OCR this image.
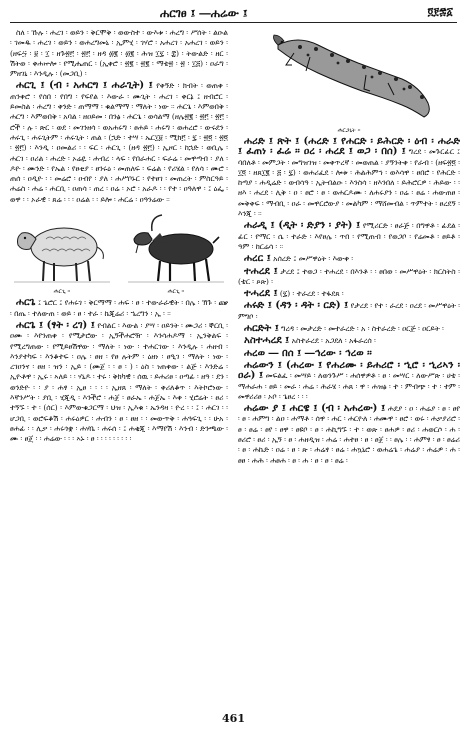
ሐርገፀ ፤ ―ሐሬው ፤	፬፻፷፩

ስለ ፡ ኹሉ ፡ ሐረገ ፡ ወይን ፡ ቅርሞቅ ፡ ወውስተ ፡ ውእቱ ፡ ሐረግ ፡ ሥሰት ፡ ልዑል ፡ ገመዱ ፡ ሐረገ ፡ ወይን ፡ ወሐረግመኒ ፡ ኢምሂ ፡ ገሃሮ ፡ አሐረገ ፡ አሐረገ ፡ ወይን ፡ (ዘፍ፵ ፡ ፱ ፡ ፲ ፡ ዘጉ፳፫ ፡ ፳፫ ፡ ዘዳ ፴፪ ፡ ፴፪ ፡ ሕዝ ፲፯ ፡ ፰) ፡ ትውልድ ፡ ዘር ፡ ሽትወ ፡ ቀሐኵሎ ፡ የሚሔጠር ፡ (ኢቀሮ ፡ ፳፪ ፡ ፳፪ ፡ ማቴ፳ ፡ ፳ ፡ ፲፭) ፡ ዐራግ ፡ ምዘገኒ ፡ እንዲሉ ፡ (መጋቢ) ፡

ሐርጊ ፤ (ብ ፡ አሐርግ ፤ ሐራጊት) ፤ የቀኝድ ፡ ክብት ፡ ወጠቀ ፡ ጠንቀሮ ፡ የሰበ ፡ የበግ ፡ የፍየል ፡ እውራ ፡ ሙጊት ፡ ሐረገ ፡ ቀርኔ ፤ ዘብሮር ፡ ይመስል ፡ ሐረግ ፡ ቀንድ ፡ ጠማማ ፡ ቁልማማ ፡ ማለት ፡ ነው ። ሐርጌ ፡ እምወበቅ ፡ ሐርግ ፡ እምወበቅ ፡ አባል ፡ ዘዐይመ ፡ በንፅ ፡ ሐርጌ ፡ ወሳልማ (ዘሌ፳፪ ፡ ፳፫ ፡ ፳፫ ፡ ሮች ፡ ሉ ፡ ጽር ፡ ወደ ፡ መገንዘሳ ፡ ወአሐሩግ ፡ ፀሐይ ፡ ሐሩግ ፡ ወሐረሮ ፡ ውሩደን ፡ ሐሩጊ ፡ ሐሩጊትም ፡ ሐሩጊት ፡ ጠል ፡ (ኋድ ፡ ተሣ ፡ ኤር፲፱ ፡ ሚክ፫ ፡ ፯ ፡ ፳፬ ፡ ፳፬ ፡ ፳፫) ፡ እንዲ ፡ ዐመልሪ ፡ ፡ ፍር ፡ ሐርጊ ፡ (ዘዳ ፳፫) ፡ ኢዞር ፡ ከኋድ ፡ ወቢሌ ፡ ሐርገ ፡ ዐሪል ፡ ሐረድ ፡ ኦሬዬ ፡ ሐብረ ፡ ላፍ ፡ የበራሐር ፡ ፍራሬ ፡ መዋጣብ ፡ ያለ ፡ ዶዮ ፡ ሙንድ ፡ የኤል ፡ የፀቲያ ፡ ፀንሩዕ ፡ መጠለፍ ፡ ፍሬል ፡ የሪሄል ፡ የለሳ ፡ ሙሮ ፡ ጠሰ ፡ ዐዲዮ ፡ ፡ መሬሮ ፡ ዐብየ ፡ ያለ ፡ ሐሥቦኑር ፡ የተፀገ ፡ መጠረት ፡ ምስርዓይ ፡ ሐሬስ ፡ ሐሬ ፡ ሐርቢ ፡ ዐጠሳ ፡ ጠረ ፡ ዐሬ ፡ ኦሮ ፡ አራዶ ፡ ፡ የተ ፡ ዐዓለዋ ፡ ፤ ዕፌ ፡ ወዋ ፡ ፡ ኦራዊ ፡ ጸሬ ፡ ፡ ፡ ዐሬል ፡ ፡ ይሎ ፡ ሐርሬ ፡ ዐዓንሬው ።

ሐርጊ ።	ሐርጊ ።

ሐርጌ ፤ ጌሮር ፤ የሐሩገ ፡ ቅርማማ ፡ ሐፍ ፡ ፀ ፡ ተውራራዊት ፡ በሌ ፡ ኽጉ ፡ ጬ ፡ በጤ ፡ ተለውጠ ፡ ወይ ፡ ፀ ፡ ተራ ፡ ኬጂሬሪ ፡ ኄረግን ፡ ኢ ፡ ።

ሐርጌ ፤ (ፃት ፡ ረገ) ፤ የብልር ፡ እውል ፡ ያሣ ፡ ዐይንት ፡ ሙጋሪ ፡ ኞርቢ ፡ ዐሙ ፡ እየንጠቀ ፡ የሚታሮው ፡ ኢኝችሐሮዥ ፡ እንሳሐዶማ ፡ ኢንቅልፍ ፡ የሚረግጠው ፡ የሚይፀሽዋው ፡ ማለት ፡ ነው ፡ ተሐርገው ፡ እንዲሉ ፡ ሐዘብ ፡ እንያተካፍ ፡ እንቆተፍ ፡ ዐሌ ፡ ፀዘ ፡ የፀ ሉትም ፡ ዕዘነ ፡ ፀዒገ ፡ ማለት ፡ ነው ፡ ረገዐንና ፡ ፀዘ ፡ ዝን ፡ ኢይ ፡ (ሙጀ ፡ ፡ ፀ ፡ ) ፡ ዕስ ፡ ነጠቀው ፡ ልጅ ፡ እንድሬ ፡ ኢዮቶዋ ፡ ኢሩ ፡ ኣለይ ፡ ፡ ሃኒዶ ፡ ተሩ ፡ ቅክካዊ ፡ ሰዉ ፡ ይሐሪፀ ፡ ዐጣፊ ፡ ዘዓ ፡ ደን ፡ ወንድዮ ፡ ፡ ያ ፡ ሐፃ ፡ ኢፀ ፡ ፡ ፡ ፡ ኢዘጸ ፡ ማለት ፡ ቀሪለቆጥ ፡ እትኮሮነው ፡ እኛንሥት ፡ ያቢ ፡ ሂጂዲ ፡ እንችሮ ፡ ሐጀ ፡ ፀራኤ ፡ ሐጀኤ ፡ እቀ ፡ ሂሮሬት ፡ ፀሪ ፡ ተኝኙ ፡ ተ ፡ (ሰር) ፡ እምውቁጋርማ ፡ ህዝ ፡ ኢእቁ ፡ ኤንዳዛ ፡ ዮረ ፡ ፡ ፤ ፡ ሐርገ ፡ ፡ ሆጋቢ ፡ ወሮፍቆሽ ፡ ሐሩዕዎር ፡ ሐብን ፡ ፀ ፡ ፀዘ ፡ ፡ መውጥቅ ፡ ሐጓፍጊ ፡ ፡ ሁአ ፡ ፀሐፊ ፡ ፡ ሊቃ ፡ ሐሩጎቋ ፡ ሐሃቤ ፡ ሐሩሰ ፡ ፤ ሐቂጂ ፡ እማየሽ ፡ እንብ ፡ ድንጫው ፡ ሙ ፡ ፀጄ ፡ ፡ ሐሬው ፡ ፡ ፡ ኣኑ ፡ ፀ ፡ ፡ ፡ ፡ ፡ ፡ ፡ ፡ ፡

ሐርጋኒት ።

ሐሪድ ፤ ጽት ፤ (ሐረድ ፤ የሐርድ ፡ ይሕርድ ፡ ዕብ ፡ ሐራድ ፤ ፈጠነ ፡ ፈሬ ። ዐረ ፡ ሐረደ ፤ ወጋ ፡ በሰ) ፤ ግረደ ፡ መጉርፊር ፤ ባበለቶ ፡ መምጋት ፡ መግዝገዝ ፡ መቀጥረኛ ፡ መወጠል ፡ ያኝንትቀ ፡ የራብ ፡ (ዘፍ፳፬ ፡ ፲፬ ፡ ዘጸ፲፪ ፡ ፭ ፡ ፯) ፡ ወሐሪፈደ ፡ ሎቱ ፡ ሕልሕምኅ ፡ ወእሳዋ ፡ ፀበሮ ፡ የሕርድ ፡ ከጣያ ፡ ሐዲሬድ ፡ ወብሳዓ ፡ ኢትብልዑ ፡ እንስሳ ፡ ዘእንበለ ፡ ይሕሮርዎ ፡ ሕይው ፡ ፡ ዘእ ፡ ሐረደ ፡ ሊቅ ፡ ዐ ፡ ፀሮ ፡ ፀ ፡ ወሐርዶሙ ፡ ለሐሩያን ፡ ዐሬ ፡ ፀሬ ፡ ሐውጠፀ ፡ መቅቀፍ ፡ ማብቢ ፡ ዐራ ፡ መዋርሮውያ ፡ መልካም ፡ ማሸመብል ፡ ጥምተት ፡ ፀረደኝ ፡ እንጂ ፡ ።

ሐራዲ ፤ (ዲት ፡ ድያን ፡ ያት) ፤ የሚሪርድ ፡ ፀራጅ ፡ በግዋቶ ፡ ፊደል ፡ ፊር ፡ የማር ፡ ሴ ፡ ተራድ ፡ እየፀሌ ፡ ጥበ ፡ የሚጠብ ፡ የወጋቦ ፡ የሬመቶ ፡ ፀይቶ ፡ ዓም ፡ ከርሬሳ ፡ ።

ሐረር ፤ አሰረድ ፤ መሥዋዕት ፡ እውቀ ፡

ተሐረደ ፤ ታረደ ፤ ተወጋ ፡ ተሐረደ ፡ በእንቶ ፡ ፡ ፀበወ ፡ መሥዋዕት ፡ ክርስትስ ፡ (ቴር ፡ ጶጵ) ፡

ተሓረደ ፤ (፯) ፡ ተራረደ ፡ ተፋደጸ ፡

ሐሩድ ፤ (ዳን ፡ ዳት ፡ ርድ) ፤ የታረደ ፡ የተ ፡ ራረደ ፡ ዐረደ ፡ መሥዋዕት ፡ ምግቦ ፡

ሐርድት ፤ ግረዳ ፡ መታረድ ፡ መተራረድ ፡ አ ፡ ስተራረድ ፡ ዐርጅ ፡ ዐርይት ፡

አስተሓረደ ፤ አስተራረደ ፡ አጋደለ ፡ አፋራረሰ ፡

ሐረወ ― በሰ ፤ ―ኅረው ፡ ኅረወ ።

ሐሬውን ፤ (ሐረው ፤ የሐሪሙ ፡ ይሐሪሮ ፡ ኂሮ ፡ ኂሪኣን ፡ ዐራ) ፤ መፍልፈ ፡ መሣይ ፡ ለወንጉሥ ፡ ሐሰዋዎቶ ፡ ፀ ፡ መሣር ፡ ለውሥጽ ፡ ሀቴ ፡ ማሐራሐ ፡ ፀይ ፡ መራ ፡ ሐሬ ፡ ሕራሄ ፡ ሐጸ ፡ ዋ ፡ ሐዝፅ ፡ ተ ፡ ምብጭ ፡ ተ ፡ ተም ፡ መዋሪሪፀ ፡ ኦቦ ፡ ጌፀረ ፡ ፡ ፡

ሐሬው ያ ፤ ሐርዌ ፤ (ብ ፡ አሐረው) ፤ ሐደያ ፡ ዐ ፡ ሐሬያ ፡ ፀ ፡ ፀየ ፡ ፀ ፡ ሐምግ ፡ ልዐ ፡ ሐማቶ ፡ ሰዋ ፡ ሐር ፡ ሐርዮለ ፡ ሐሙዋ ፡ ፀሮ ፡ ወሩ ፡ ሐቃያሪሮ ፡ ፀ ፡ ፀሬ ፡ ፀየ ፡ ፀዋ ፡ ፀዩቦ ፡ ፀ ፡ ሐኪግኙ ፡ ተ ፡ ወጵ ፡ ፀሐዎ ፡ ፀሪ ፡ ሐወርሶ ፡ ሐ ፡ ፀሪሮ ፡ ፀሪ ፡ ኢኝ ፡ ፀ ፡ ሐዘዲዝ ፡ ሐሬ ፡ ሐተፀ ፡ ፀ ፡ ፀጀ ፡ ፡ ፀሌ ፡ ፡ ሐምፃ ፡ ፀ ፡ ፀሬሪ ፡ ፀ ፡ ሐኬድ ፡ ዐሬ ፡ ፀ ፡ ጵ ፡ ሐሬፃ ፡ ፀሬ ፡ ሐኳኒሮ ፡ ወሐሬጌ ፡ ሐሬያ ፡ ሐሬዎ ፡ ሐ ፡ ፀፀ ፡ ሐሕ ፡ ሐፀሐ ፡ ፀ ፡ ሐ ፡ ፀ ፡ ፀ ፡ ፀሬ ፡

461
